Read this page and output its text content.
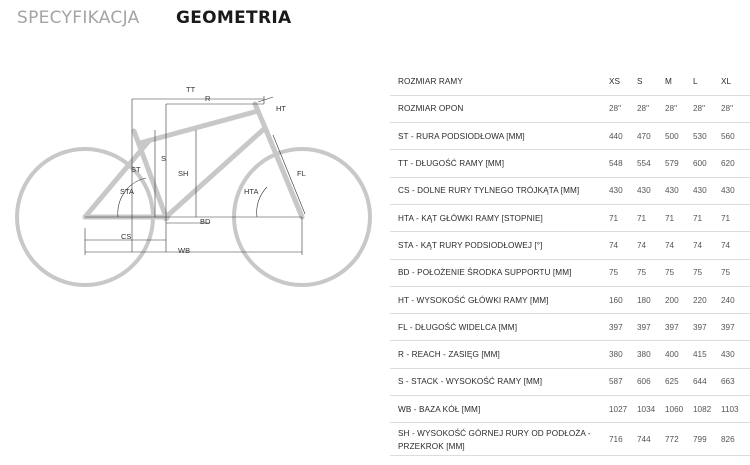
SPECYFIKACJA GEOMETRIA
TT
R
HT
ST
S
SH	FL
STA	HTA
BD
CS
WB
ROZMIAR RAMY	XS	S	M	L	XL
ROZMIAR OPON	28"	28"	28"	28"	28"
ST - RURA PODSIODŁOWA [MM]	440	470	500	530	560
TT - DŁUGOŚĆ RAMY [MM]	548	554	579	600	620
CS - DOLNE RURY TYLNEGO TRÓJKĄTA [MM]	430	430	430	430	430
HTA - KĄT GŁÓWKI RAMY [STOPNIE]	71	71	71	71	71
STA - KĄT RURY PODSIODŁOWEJ [°]	74	74	74	74	74
BD - POŁOŻENIE ŚRODKA SUPPORTU [MM]	75	75	75	75	75
HT - WYSOKOŚĆ GŁÓWKI RAMY [MM]	160	180	200	220	240
FL - DŁUGOŚĆ WIDELCA [MM]	397	397	397	397	397
R - REACH - ZASIĘG [MM]	380	380	400	415	430
S - STACK - WYSOKOŚĆ RAMY [MM]	587	606	625	644	663
WB - BAZA KÓŁ [MM]	1027	1034	1060	1082	1103
SH - WYSOKOŚĆ GÓRNEJ RURY OD PODŁOŻA - PRZEKROK [MM]	716	744	772	799	826
